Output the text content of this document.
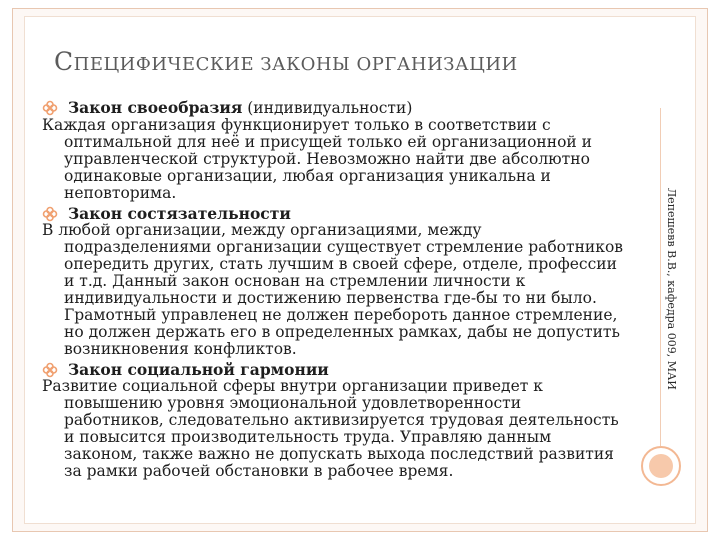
СПЕЦИФИЧЕСКИЕ ЗАКОНЫ ОРГАНИЗАЦИИ
Закон своеобразия (индивидуальности)
Каждая организация функционирует только в соответствии с
оптимальной для неё и присущей только ей организационной и
управленческой структурой. Невозможно найти две абсолютно
одинаковые организации, любая организация уникальна и
неповторима.
Закон состязательности
В любой организации, между организациями, между
подразделениями организации существует стремление работников
опередить других, стать лучшим в своей сфере, отделе, профессии
и т.д. Данный закон основан на стремлении личности к
индивидуальности и достижению первенства где-бы то ни было.
Грамотный управленец не должен перебороть данное стремление,
но должен держать его в определенных рамках, дабы не допустить
возникновения конфликтов.
Закон социальной гармонии
Развитие социальной сферы внутри организации приведет к
повышению уровня эмоциональной удовлетворенности
работников, следовательно активизируется трудовая деятельность
и повысится производительность труда. Управляю данным
законом, также важно не допускать выхода последствий развития
за рамки рабочей обстановки в рабочее время.
Лепешевв В.В., кафедра 009, МАИ
